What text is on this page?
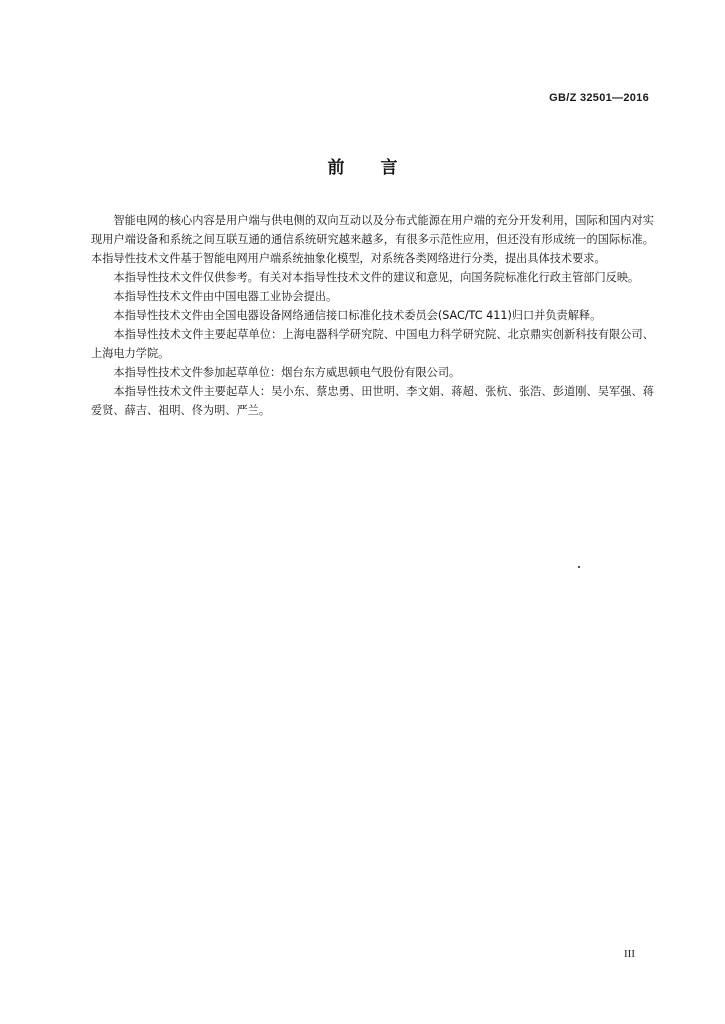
GB/Z 32501—2016
前言

智能电网的核心内容是用户端与供电侧的双向互动以及分布式能源在用户端的充分开发利用，国际和国内对实现用户端设备和系统之间互联互通的通信系统研究越来越多，有很多示范性应用，但还没有形成统一的国际标准。本指导性技术文件基于智能电网用户端系统抽象化模型，对系统各类网络进行分类，提出具体技术要求。

本指导性技术文件仅供参考。有关对本指导性技术文件的建议和意见，向国务院标准化行政主管部门反映。

本指导性技术文件由中国电器工业协会提出。

本指导性技术文件由全国电器设备网络通信接口标准化技术委员会(SAC/TC 411)归口并负责解释。

本指导性技术文件主要起草单位：上海电器科学研究院、中国电力科学研究院、北京鼎实创新科技有限公司、上海电力学院。

本指导性技术文件参加起草单位：烟台东方威思顿电气股份有限公司。

本指导性技术文件主要起草人：吴小东、蔡忠勇、田世明、李文娟、蒋超、张杭、张浩、彭道刚、吴军强、蒋爱贤、薛吉、祖明、佟为明、严兰。

III
